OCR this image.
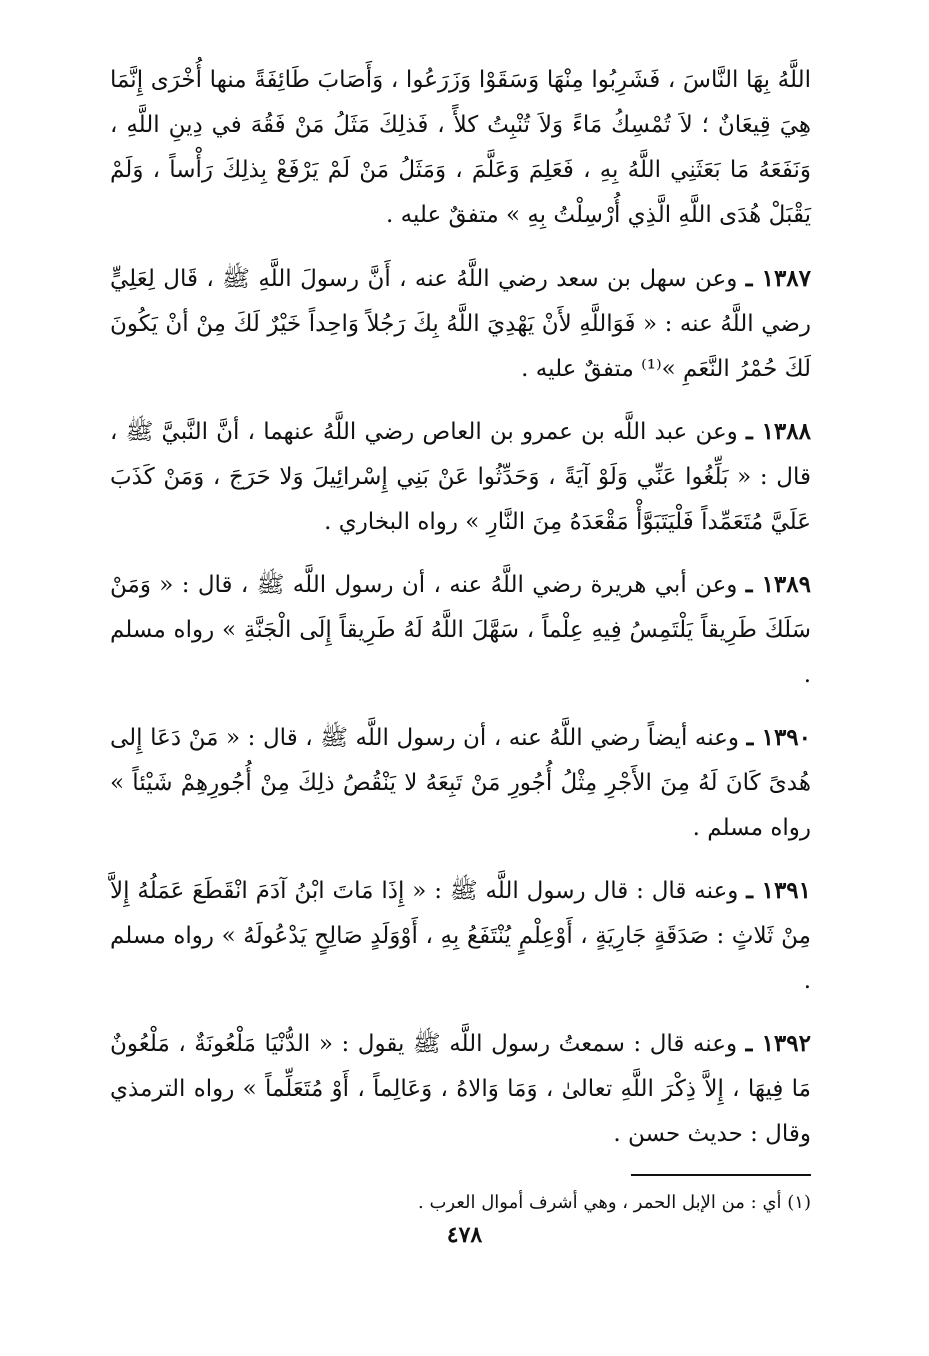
اللَّهُ بِهَا النَّاسَ ، فَشَرِبُوا مِنْهَا وَسَقَوْا وَزَرَعُوا ، وَأَصَابَ طَائِفَةً منها أُخْرَى إِنَّمَا هِيَ قِيعَانٌ ؛ لاَ تُمْسِكُ مَاءً وَلاَ تُنْبِتُ كلأً ، فَذلِكَ مَثَلُ مَنْ فَقُهَ في دِينِ اللَّهِ ، وَنَفَعَهُ مَا بَعَثَنِي اللَّهُ بِهِ ، فَعَلِمَ وَعَلَّمَ ، وَمَثَلُ مَنْ لَمْ يَرْفَعْ بِذلِكَ رَأْساً ، وَلَمْ يَقْبَلْ هُدَى اللَّهِ الَّذِي أُرْسِلْتُ بِهِ » متفقٌ عليه .

١٣٨٧ ـ وعن سهل بن سعد رضي اللَّهُ عنه ، أَنَّ رسولَ اللَّهِ ﷺ ، قَال لِعَلِيٍّ رضي اللَّهُ عنه : « فَوَاللَّهِ لأَنْ يَهْدِيَ اللَّهُ بِكَ رَجُلاً وَاحِداً خَيْرٌ لَكَ مِنْ أنْ يَكُونَ لَكَ حُمْرُ النَّعَمِ »⁽¹⁾ متفقٌ عليه .

١٣٨٨ ـ وعن عبد اللَّه بن عمرو بن العاص رضي اللَّهُ عنهما ، أنَّ النَّبيَّ ﷺ ، قال : « بَلِّغُوا عَنِّي وَلَوْ آيَةً ، وَحَدِّثُوا عَنْ بَنِي إِسْرائِيلَ وَلا حَرَجَ ، وَمَنْ كَذَبَ عَلَيَّ مُتَعَمِّداً فَلْيَتَبَوَّأْ مَقْعَدَهُ مِنَ النَّارِ » رواه البخاري .

١٣٨٩ ـ وعن أبي هريرة رضي اللَّهُ عنه ، أن رسول اللَّه ﷺ ، قال : « وَمَنْ سَلَكَ طَرِيقاً يَلْتَمِسُ فِيهِ عِلْماً ، سَهَّلَ اللَّهُ لَهُ طَرِيقاً إِلَى الْجَنَّةِ » رواه مسلم .

١٣٩٠ ـ وعنه أيضاً رضي اللَّهُ عنه ، أن رسول اللَّه ﷺ ، قال : « مَنْ دَعَا إِلى هُدىً كَانَ لَهُ مِنَ الأَجْرِ مِثْلُ أُجُورِ مَنْ تَبِعَهُ لا يَنْقُصُ ذلِكَ مِنْ أُجُورِهِمْ شَيْئاً » رواه مسلم .

١٣٩١ ـ وعنه قال : قال رسول اللَّه ﷺ : « إِذَا مَاتَ ابْنُ آدَمَ انْقَطَعَ عَمَلُهُ إِلاَّ مِنْ ثَلاثٍ : صَدَقَةٍ جَارِيَةٍ ، أَوْعِلْمٍ يُنْتَفَعُ بِهِ ، أَوْوَلَدٍ صَالِحٍ يَدْعُولَهُ » رواه مسلم .

١٣٩٢ ـ وعنه قال : سمعتُ رسول اللَّه ﷺ يقول : « الدُّنْيَا مَلْعُونَةٌ ، مَلْعُونٌ مَا فِيهَا ، إِلاَّ ذِكْرَ اللَّهِ تعالىٰ ، وَمَا وَالاهُ ، وَعَالِماً ، أَوْ مُتَعَلِّماً » رواه الترمذي وقال : حديث حسن .

(١) أي : من الإبل الحمر ، وهي أشرف أموال العرب .

٤٧٨
